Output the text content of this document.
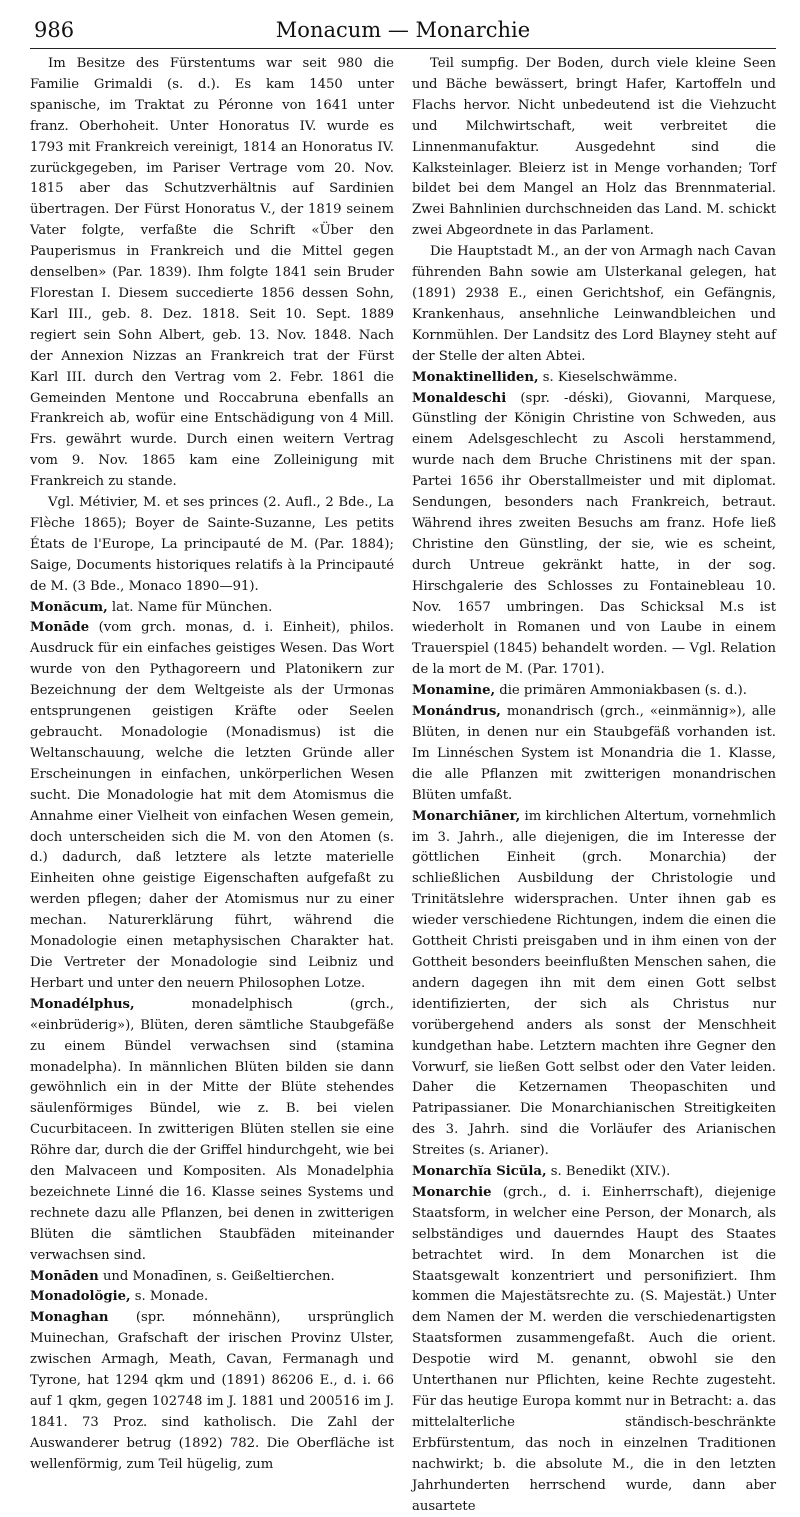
986	Monacum — Monarchie

Im Besitze des Fürstentums war seit 980 die Familie Grimaldi (s. d.). Es kam 1450 unter spanische, im Traktat zu Péronne von 1641 unter franz. Oberhoheit. Unter Honoratus IV. wurde es 1793 mit Frankreich vereinigt, 1814 an Honoratus IV. zurückgegeben, im Pariser Vertrage vom 20. Nov. 1815 aber das Schutzverhältnis auf Sardinien übertragen. Der Fürst Honoratus V., der 1819 seinem Vater folgte, verfaßte die Schrift «Über den Pauperismus in Frankreich und die Mittel gegen denselben» (Par. 1839). Ihm folgte 1841 sein Bruder Florestan I. Diesem succedierte 1856 dessen Sohn, Karl III., geb. 8. Dez. 1818. Seit 10. Sept. 1889 regiert sein Sohn Albert, geb. 13. Nov. 1848. Nach der Annexion Nizzas an Frankreich trat der Fürst Karl III. durch den Vertrag vom 2. Febr. 1861 die Gemeinden Mentone und Roccabruna ebenfalls an Frankreich ab, wofür eine Entschädigung von 4 Mill. Frs. gewährt wurde. Durch einen weitern Vertrag vom 9. Nov. 1865 kam eine Zolleinigung mit Frankreich zu stande.

Vgl. Métivier, M. et ses princes (2. Aufl., 2 Bde., La Flèche 1865); Boyer de Sainte-Suzanne, Les petits États de l'Europe, La principauté de M. (Par. 1884); Saige, Documents historiques relatifs à la Principauté de M. (3 Bde., Monaco 1890—91).

Monăcum, lat. Name für München.

Monāde (vom grch. monas, d. i. Einheit), philos. Ausdruck für ein einfaches geistiges Wesen. Das Wort wurde von den Pythagoreern und Platonikern zur Bezeichnung der dem Weltgeiste als der Urmonas entsprungenen geistigen Kräfte oder Seelen gebraucht. Monadologie (Monadismus) ist die Weltanschauung, welche die letzten Gründe aller Erscheinungen in einfachen, unkörperlichen Wesen sucht. Die Monadologie hat mit dem Atomismus die Annahme einer Vielheit von einfachen Wesen gemein, doch unterscheiden sich die M. von den Atomen (s. d.) dadurch, daß letztere als letzte materielle Einheiten ohne geistige Eigenschaften aufgefaßt zu werden pflegen; daher der Atomismus nur zu einer mechan. Naturerklärung führt, während die Monadologie einen metaphysischen Charakter hat. Die Vertreter der Monadologie sind Leibniz und Herbart und unter den neuern Philosophen Lotze.

Monadélphus,	monadelphisch (grch., «einbrüderig»), Blüten, deren sämtliche Staubgefäße zu einem Bündel verwachsen sind (stamina monadelpha). In männlichen Blüten bilden sie dann gewöhnlich ein in der Mitte der Blüte stehendes säulenförmiges Bündel, wie z. B. bei vielen Cucurbitaceen. In zwitterigen Blüten stellen sie eine Röhre dar, durch die der Griffel hindurchgeht, wie bei den Malvaceen und Kompositen. Als Monadelphia bezeichnete Linné die 16. Klasse seines Systems und rechnete dazu alle Pflanzen, bei denen in zwitterigen Blüten die sämtlichen Staubfäden miteinander verwachsen sind.

Monāden und Monadīnen, s. Geißeltierchen.

Monadolŏgie, s. Monade.

Monaghan (spr. mónnehänn), ursprünglich Muinechan, Grafschaft der irischen Provinz Ulster, zwischen Armagh, Meath, Cavan, Fermanagh und Tyrone, hat 1294 qkm und (1891) 86206 E., d. i. 66 auf 1 qkm, gegen 102748 im J. 1881 und 200516 im J. 1841. 73 Proz. sind katholisch. Die Zahl der Auswanderer betrug (1892) 782. Die Oberfläche ist wellenförmig, zum Teil hügelig, zum

Teil sumpfig. Der Boden, durch viele kleine Seen und Bäche bewässert, bringt Hafer, Kartoffeln und Flachs hervor. Nicht unbedeutend ist die Viehzucht und Milchwirtschaft, weit verbreitet die Linnenmanufaktur. Ausgedehnt sind die Kalksteinlager. Bleierz ist in Menge vorhanden; Torf bildet bei dem Mangel an Holz das Brennmaterial. Zwei Bahnlinien durchschneiden das Land. M. schickt zwei Abgeordnete in das Parlament.

Die Hauptstadt M., an der von Armagh nach Cavan führenden Bahn sowie am Ulsterkanal gelegen, hat (1891) 2938 E., einen Gerichtshof, ein Gefängnis, Krankenhaus, ansehnliche Leinwandbleichen und Kornmühlen. Der Landsitz des Lord Blayney steht auf der Stelle der alten Abtei.

Monaktinelliden, s. Kieselschwämme.

Monaldeschi (spr. -déski), Giovanni, Marquese, Günstling der Königin Christine von Schweden, aus einem Adelsgeschlecht zu Ascoli herstammend, wurde nach dem Bruche Christinens mit der span. Partei 1656 ihr Oberstallmeister und mit diplomat. Sendungen, besonders nach Frankreich, betraut. Während ihres zweiten Besuchs am franz. Hofe ließ Christine den Günstling, der sie, wie es scheint, durch Untreue gekränkt hatte, in der sog. Hirschgalerie des Schlosses zu Fontainebleau 10. Nov. 1657 umbringen. Das Schicksal M.s ist wiederholt in Romanen und von Laube in einem Trauerspiel (1845) behandelt worden. — Vgl. Relation de la mort de M. (Par. 1701).

Monamine, die primären Ammoniakbasen (s. d.).

Monándrus, monandrisch (grch., «einmännig»), alle Blüten, in denen nur ein Staubgefäß vorhanden ist. Im Linnéschen System ist Monandria die 1. Klasse, die alle Pflanzen mit zwitterigen monandrischen Blüten umfaßt.

Monarchiāner, im kirchlichen Altertum, vornehmlich im 3. Jahrh., alle diejenigen, die im Interesse der göttlichen Einheit (grch. Monarchia) der schließlichen Ausbildung der Christologie und Trinitätslehre widersprachen. Unter ihnen gab es wieder verschiedene Richtungen, indem die einen die Gottheit Christi preisgaben und in ihm einen von der Gottheit besonders beeinflußten Menschen sahen, die andern dagegen ihn mit dem einen Gott selbst identifizierten, der sich als Christus nur vorübergehend anders als sonst der Menschheit kundgethan habe. Letztern machten ihre Gegner den Vorwurf, sie ließen Gott selbst oder den Vater leiden. Daher die Ketzernamen Theopaschiten und Patripassianer. Die Monarchianischen Streitigkeiten des 3. Jahrh. sind die Vorläufer des Arianischen Streites (s. Arianer).

Monarchĭa Sicŭla, s. Benedikt (XIV.).

Monarchie (grch., d. i. Einherrschaft), diejenige Staatsform, in welcher eine Person, der Monarch, als selbständiges und dauerndes Haupt des Staates betrachtet wird. In dem Monarchen ist die Staatsgewalt konzentriert und personifiziert. Ihm kommen die Majestätsrechte zu. (S. Majestät.) Unter dem Namen der M. werden die verschiedenartigsten Staatsformen zusammengefaßt. Auch die orient. Despotie wird M. genannt, obwohl sie den Unterthanen nur Pflichten, keine Rechte zugesteht. Für das heutige Europa kommt nur in Betracht: a. das mittelalterliche ständisch-beschränkte Erbfürstentum, das noch in einzelnen Traditionen nachwirkt; b. die absolute M., die in den letzten Jahrhunderten herrschend wurde, dann aber ausartete
